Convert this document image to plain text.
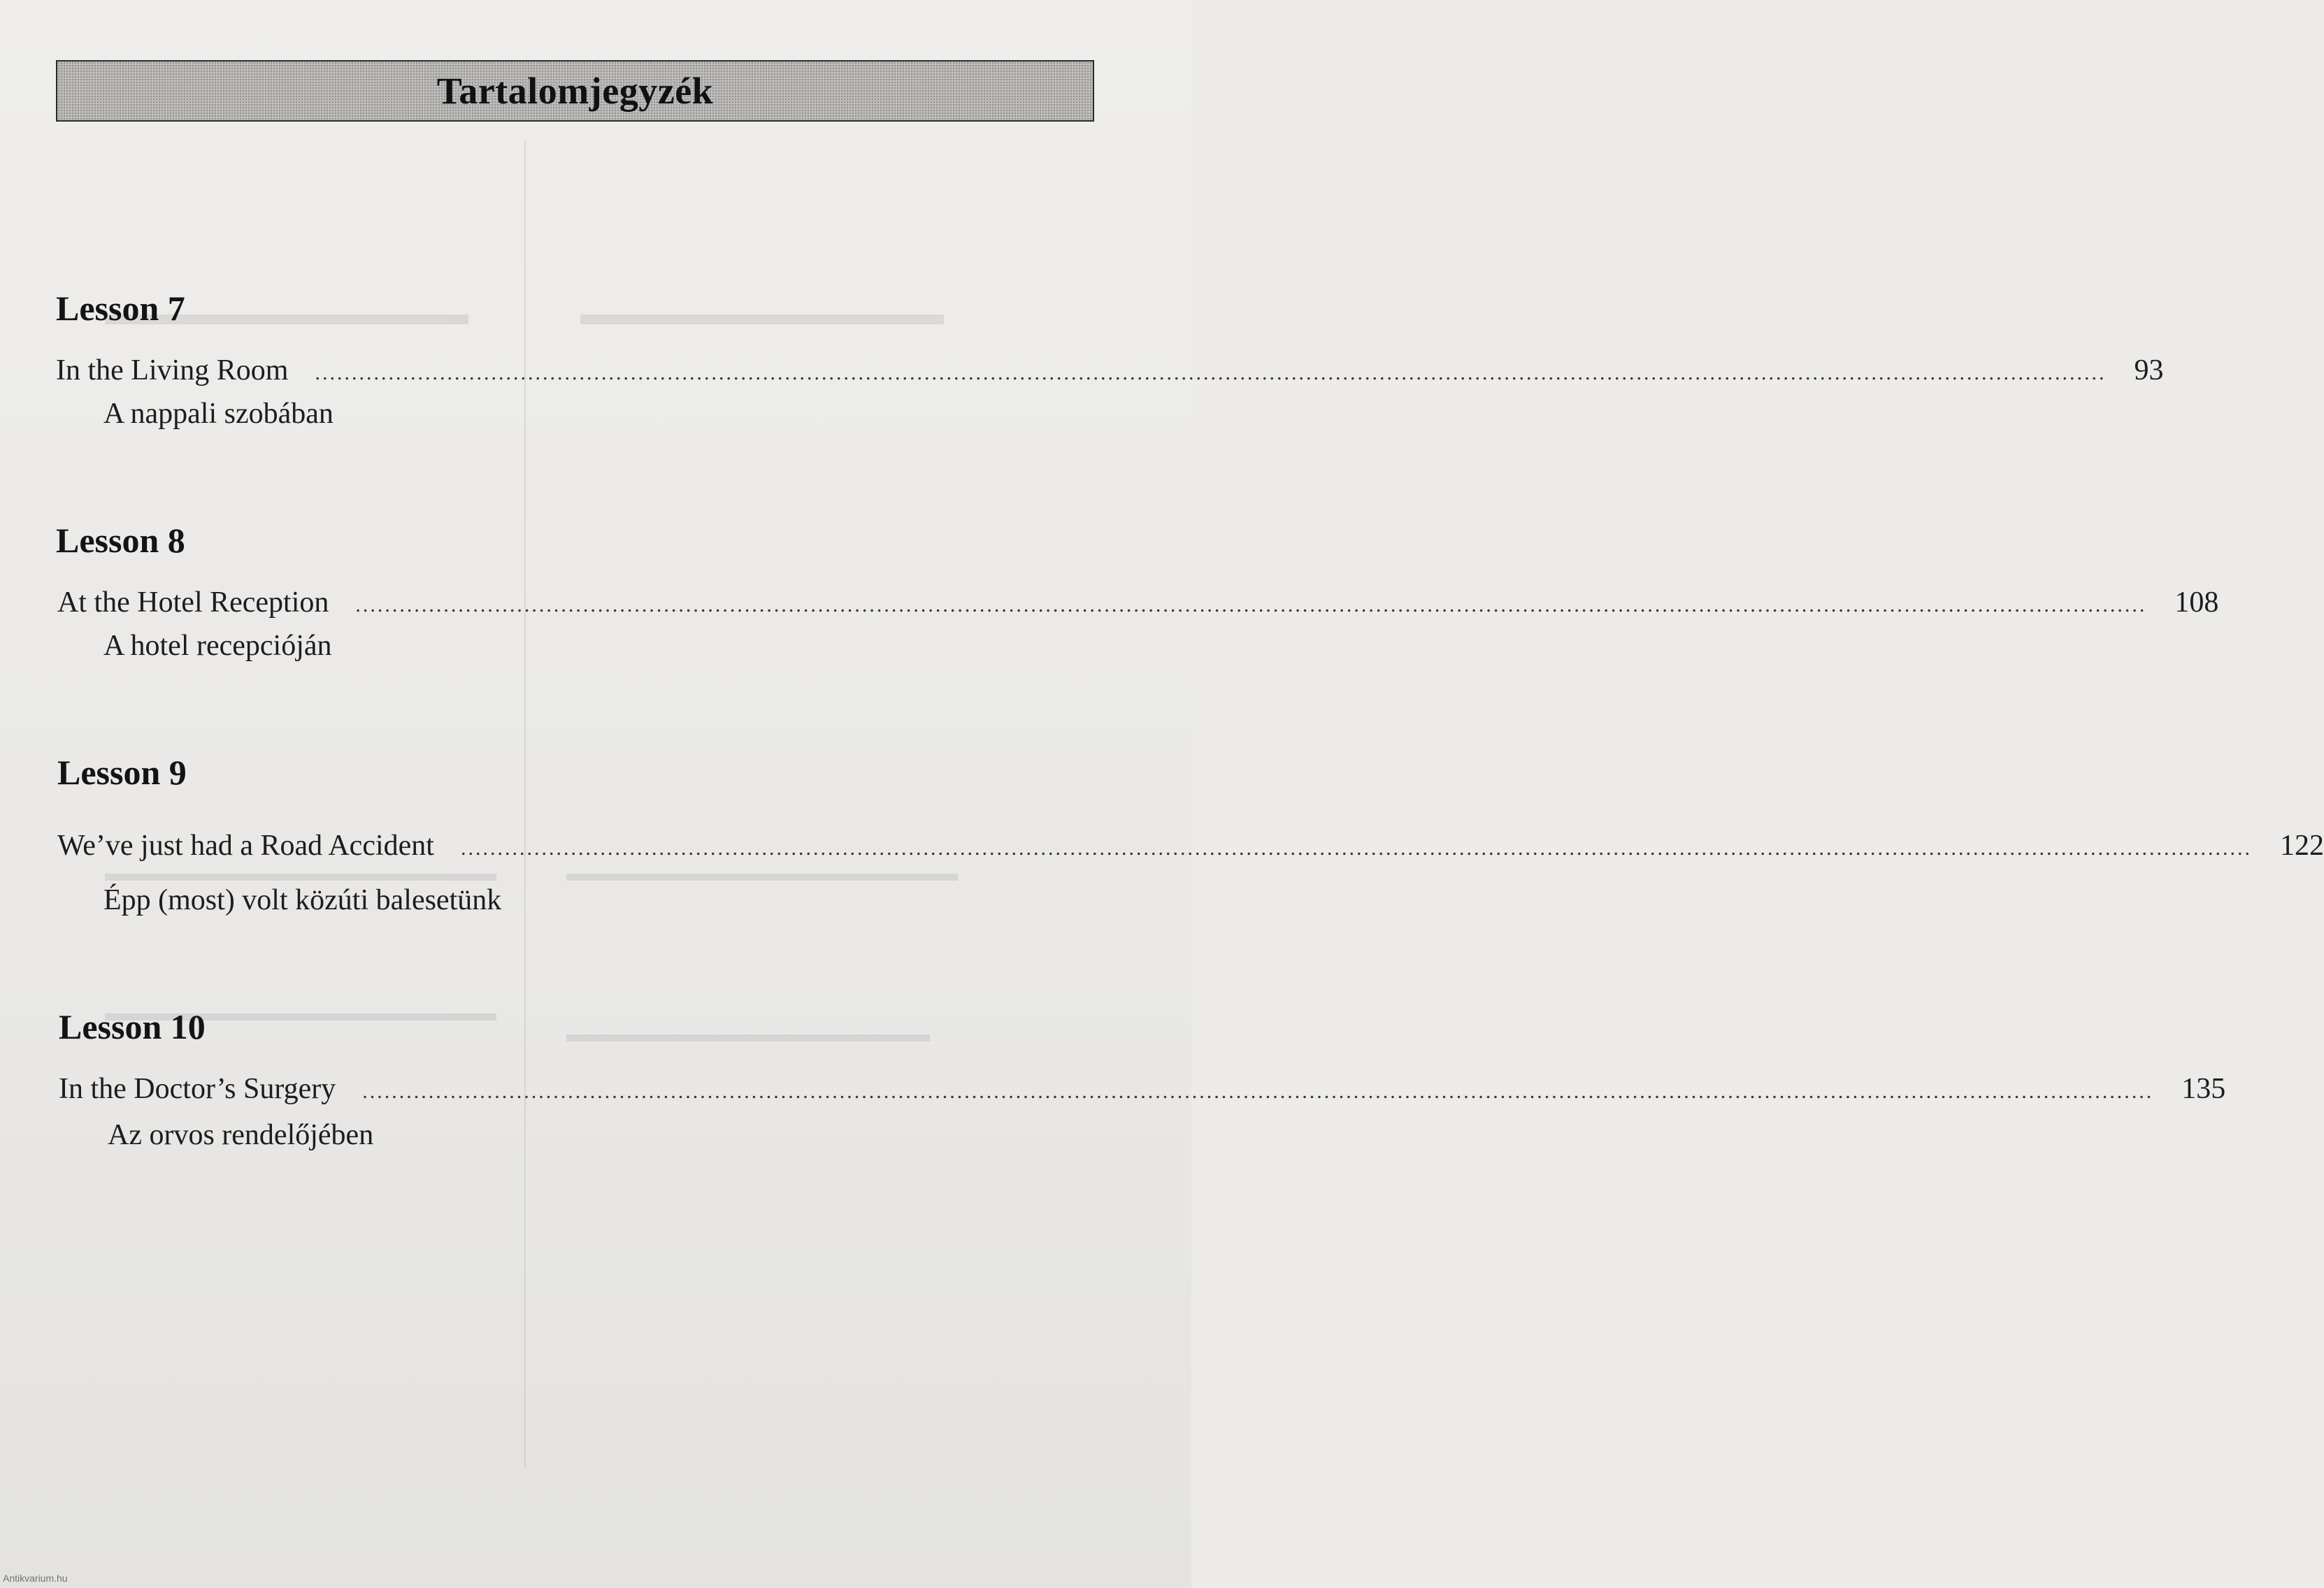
Tartalomjegyzék
Lesson 7
In the Living Room .................................................................................................................................................................................................................................................... 93
A nappali szobában
Lesson 8
At the Hotel Reception .................................................................................................................................................................................................................................................... 108
A hotel recepcióján
Lesson 9
We’ve just had a Road Accident .................................................................................................................................................................................................................................................... 122
Épp (most) volt közúti balesetünk
Lesson 10
In the Doctor’s Surgery .................................................................................................................................................................................................................................................... 135
Az orvos rendelőjében
Antikvarium.hu
